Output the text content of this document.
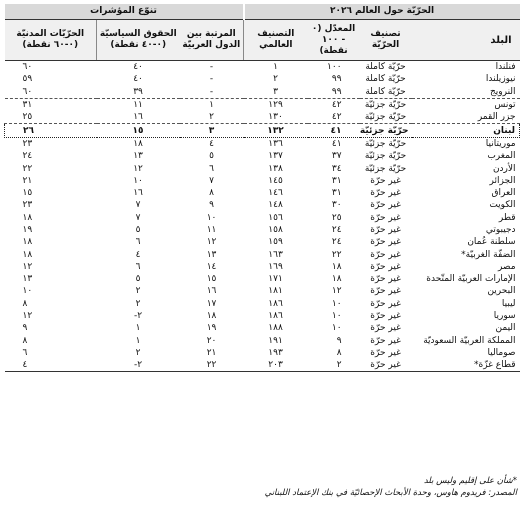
الحرّيّة حول العالم ٢٠٢٦				تنوّع المؤشرات		
البلد	تصنيف الحرّيّة	المعدّل (٠ - ١٠٠ نقطة)	التصنيف العالمي	المرتبة بين الدول العربيّة	الحقوق السياسيّة (٠-٤٠ نقطة)	الحرّيّات المدنيّة (٠-٦٠ نقطة)
فنلندا	حرّيّة كاملة	١٠٠	١	-	٤٠	٦٠
نيوزيلندا	حرّيّة كاملة	٩٩	٢	-	٤٠	٥٩
النرويج	حرّيّة كاملة	٩٩	٣	-	٣٩	٦٠
تونس	حرّيّة جزئيّة	٤٢	١٢٩	١	١١	٣١
جزر القمر	حرّيّة جزئيّة	٤٢	١٣٠	٢	١٦	٢٥
لبنان	حرّيّة جزئيّة	٤١	١٣٢	٣	١٥	٢٦
موريتانيا	حرّيّة جزئيّة	٤١	١٣٦	٤	١٨	٢٣
المغرب	حرّيّة جزئيّة	٣٧	١٣٧	٥	١٣	٢٤
الأردن	حرّيّة جزئيّة	٣٤	١٣٨	٦	١٢	٢٢
الجزائر	غير حرّة	٣١	١٤٥	٧	١٠	٢١
العراق	غير حرّة	٣١	١٤٦	٨	١٦	١٥
الكويت	غير حرّة	٣٠	١٤٨	٩	٧	٢٣
قطر	غير حرّة	٢٥	١٥٦	١٠	٧	١٨
دجيبوتي	غير حرّة	٢٤	١٥٨	١١	٥	١٩
سلطنة عُمان	غير حرّة	٢٤	١٥٩	١٢	٦	١٨
الضفّة الغربيّة*	غير حرّة	٢٢	١٦٣	١٣	٤	١٨
مصر	غير حرّة	١٨	١٦٩	١٤	٦	١٢
الإمارات العربيّة المتّحدة	غير حرّة	١٨	١٧١	١٥	٥	١٣
البحرين	غير حرّة	١٢	١٨١	١٦	٢	١٠
ليبيا	غير حرّة	١٠	١٨٦	١٧	٢	٨
سوريا	غير حرّة	١٠	١٨٦	١٨	٢-	١٢
اليمن	غير حرّة	١٠	١٨٨	١٩	١	٩
المملكة العربيّة السعوديّة	غير حرّة	٩	١٩١	٢٠	١	٨
صوماليا	غير حرّة	٨	١٩٣	٢١	٢	٦
قطاع غزّة*	غير حرّة	٢	٢٠٣	٢٢	٢-	٤
*شأن على إقليم وليس بلد
المصدر: فريدوم هاوس، وحدة الأبحاث الإحصائيّة في بنك الإعتماد اللبناني
